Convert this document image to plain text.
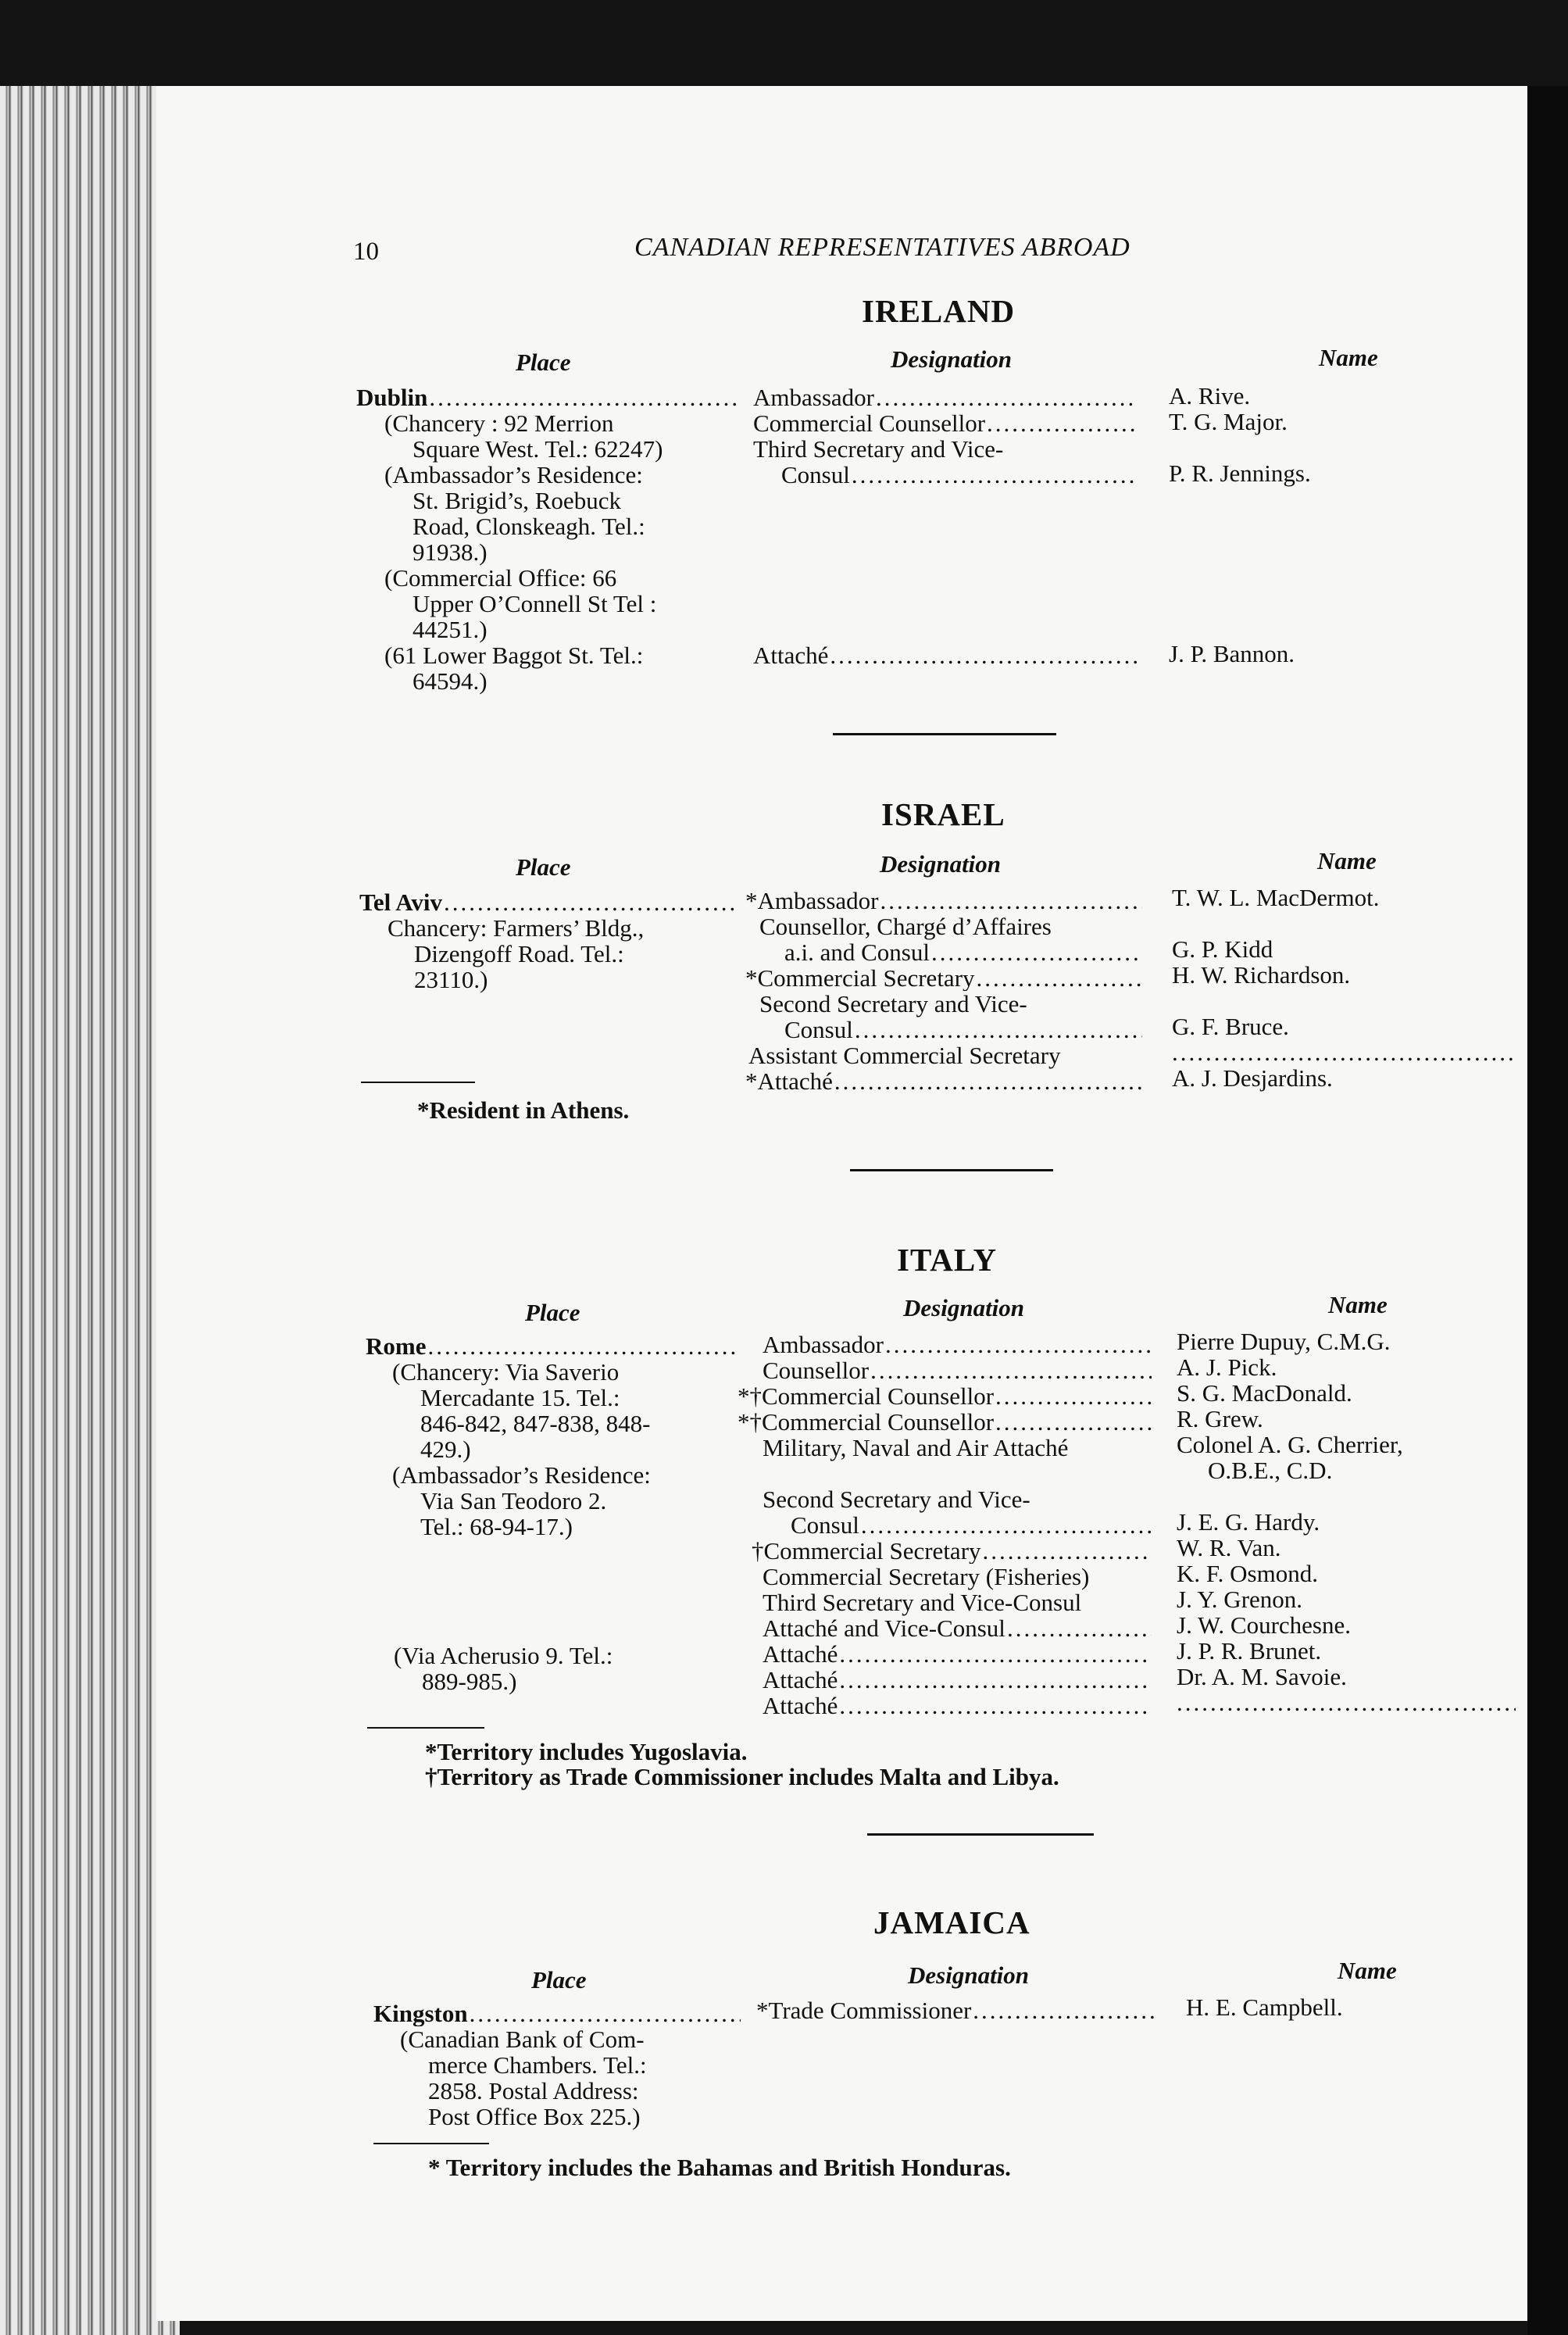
10	CANADIAN REPRESENTATIVES ABROAD
IRELAND
Place	Designation	Name
Dublin
.....
(Chancery : 92 Merrion
Square West. Tel.: 62247)
(Ambassador’s Residence:
St. Brigid’s, Roebuck
Road, Clonskeagh. Tel.:
91938.)
(Commercial Office: 66
Upper O’Connell St Tel :
44251.)
(61 Lower Baggot St. Tel.:
64594.)
Ambassador
.....
Commercial Counsellor
.....
Third Secretary and Vice-
Consul
.....
Attaché
.....
A. Rive.
T. G. Major.
P. R. Jennings.
J. P. Bannon.
ISRAEL
Place	Designation	Name
Tel Aviv
.....
Chancery: Farmers’ Bldg.,
Dizengoff Road. Tel.:
23110.)
*Ambassador
.....
Counsellor, Chargé d’Affaires
a.i. and Consul
.....
*Commercial Secretary
.....
Second Secretary and Vice-
Consul
.....
Assistant Commercial Secretary
*Attaché
.....
T. W. L. MacDermot.
G. P. Kidd
H. W. Richardson.
G. F. Bruce.
.....
A. J. Desjardins.
*Resident in Athens.
ITALY
Place	Designation	Name
Rome
.....
(Chancery: Via Saverio
Mercadante 15. Tel.:
846-842, 847-838, 848-
429.)
(Ambassador’s Residence:
Via San Teodoro 2.
Tel.: 68-94-17.)
(Via Acherusio 9. Tel.:
889-985.)
Ambassador
.....
Counsellor
.....
*†Commercial Counsellor
.....
*†Commercial Counsellor
.....
Military, Naval and Air Attaché
Second Secretary and Vice-
Consul
.....
†Commercial Secretary
.....
Commercial Secretary (Fisheries)
Third Secretary and Vice-Consul
Attaché and Vice-Consul
.....
Attaché
.....
Attaché
.....
Attaché
.....
Pierre Dupuy, C.M.G.
A. J. Pick.
S. G. MacDonald.
R. Grew.
Colonel A. G. Cherrier,
O.B.E., C.D.
J. E. G. Hardy.
W. R. Van.
K. F. Osmond.
J. Y. Grenon.
J. W. Courchesne.
J. P. R. Brunet.
Dr. A. M. Savoie.
.....
*Territory includes Yugoslavia.
†Territory as Trade Commissioner includes Malta and Libya.
JAMAICA
Place	Designation	Name
Kingston
.....
(Canadian Bank of Com-
merce Chambers. Tel.:
2858. Postal Address:
Post Office Box 225.)
*Trade Commissioner
.....	H. E. Campbell.
* Territory includes the Bahamas and British Honduras.
